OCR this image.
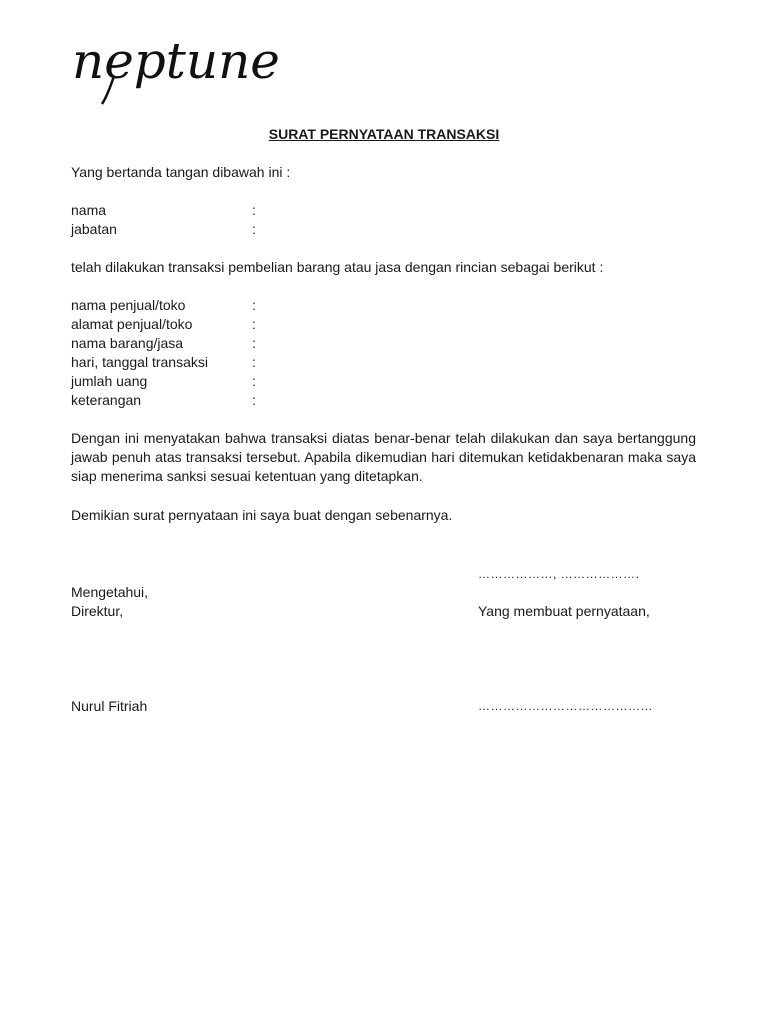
neptune
SURAT PERNYATAAN TRANSAKSI
Yang bertanda tangan dibawah ini :
nama	:
jabatan	:
telah dilakukan transaksi pembelian barang atau jasa dengan rincian sebagai berikut :
nama penjual/toko	:
alamat penjual/toko	:
nama barang/jasa	:
hari, tanggal transaksi	:
jumlah uang	:
keterangan	:
Dengan ini menyatakan bahwa transaksi diatas benar-benar telah dilakukan dan saya bertanggung jawab penuh atas transaksi tersebut. Apabila dikemudian hari ditemukan ketidakbenaran maka saya siap menerima sanksi sesuai ketentuan yang ditetapkan.
Demikian surat pernyataan ini saya buat dengan sebenarnya.
………………, ……………….
Mengetahui,
Direktur,	Yang membuat pernyataan,
Nurul Fitriah	……………………………………
